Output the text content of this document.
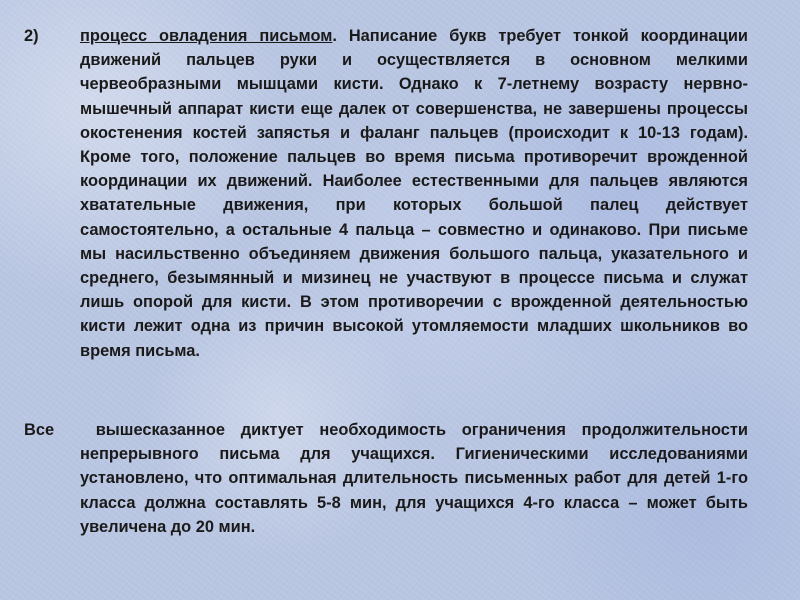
2)	процесс овладения письмом. Написание букв требует тонкой координации движений пальцев руки и осуществляется в основном мелкими червеобразными мышцами кисти. Однако к 7-летнему возрасту нервно-мышечный аппарат кисти еще далек от совершенства, не завершены процессы окостенения костей запястья и фаланг пальцев (происходит к 10-13 годам). Кроме того, положение пальцев во время письма противоречит врожденной координации их движений. Наиболее естественными для пальцев являются хватательные движения, при которых большой палец действует самостоятельно, а остальные 4 пальца – совместно и одинаково. При письме мы насильственно объединяем движения большого пальца, указательного и среднего, безымянный и мизинец не участвуют в процессе письма и служат лишь опорой для кисти. В этом противоречии с врожденной деятельностью кисти лежит одна из причин высокой утомляемости младших школьников во время письма.

Все вышесказанное диктует необходимость ограничения продолжительности непрерывного письма для учащихся. Гигиеническими исследованиями установлено, что оптимальная длительность письменных работ для детей 1-го класса должна составлять 5-8 мин, для учащихся 4-го класса – может быть увеличена до 20 мин.
